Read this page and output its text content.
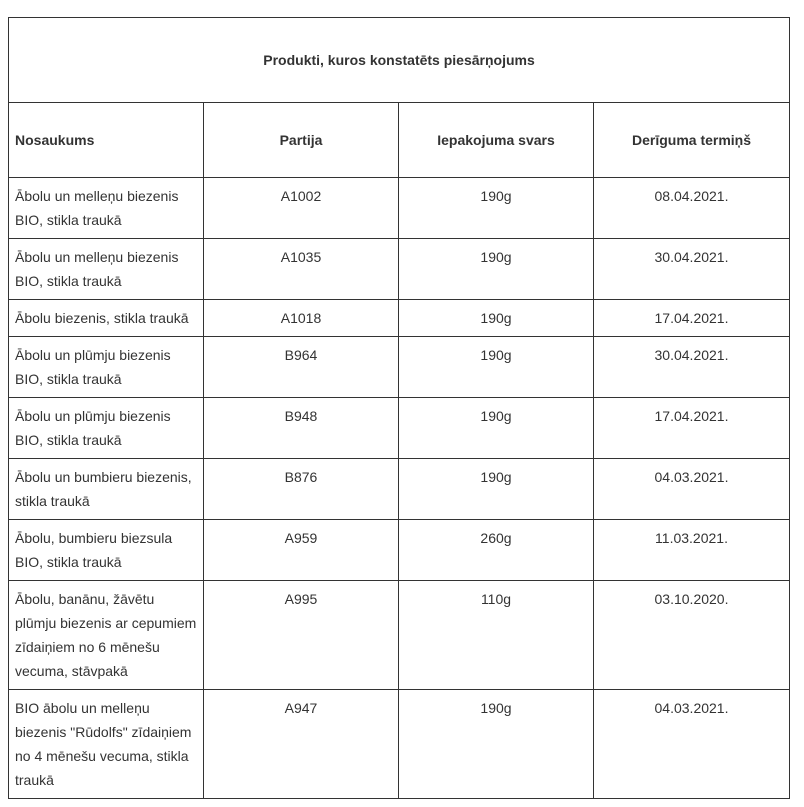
Produkti, kuros konstatēts piesārņojums			
Nosaukums	Partija	Iepakojuma svars	Derīguma termiņš
Ābolu un melleņu biezenis BIO, stikla traukā	A1002	190g	08.04.2021.
Ābolu un melleņu biezenis BIO, stikla traukā	A1035	190g	30.04.2021.
Ābolu biezenis, stikla traukā	A1018	190g	17.04.2021.
Ābolu un plūmju biezenis BIO, stikla traukā	B964	190g	30.04.2021.
Ābolu un plūmju biezenis BIO, stikla traukā	B948	190g	17.04.2021.
Ābolu un bumbieru biezenis, stikla traukā	B876	190g	04.03.2021.
Ābolu, bumbieru biezsula BIO, stikla traukā	A959	260g	11.03.2021.
Ābolu, banānu, žāvētu plūmju biezenis ar cepumiem zīdaiņiem no 6 mēnešu vecuma, stāvpakā	A995	110g	03.10.2020.
BIO ābolu un melleņu biezenis "Rūdolfs" zīdaiņiem no 4 mēnešu vecuma, stikla traukā	A947	190g	04.03.2021.
